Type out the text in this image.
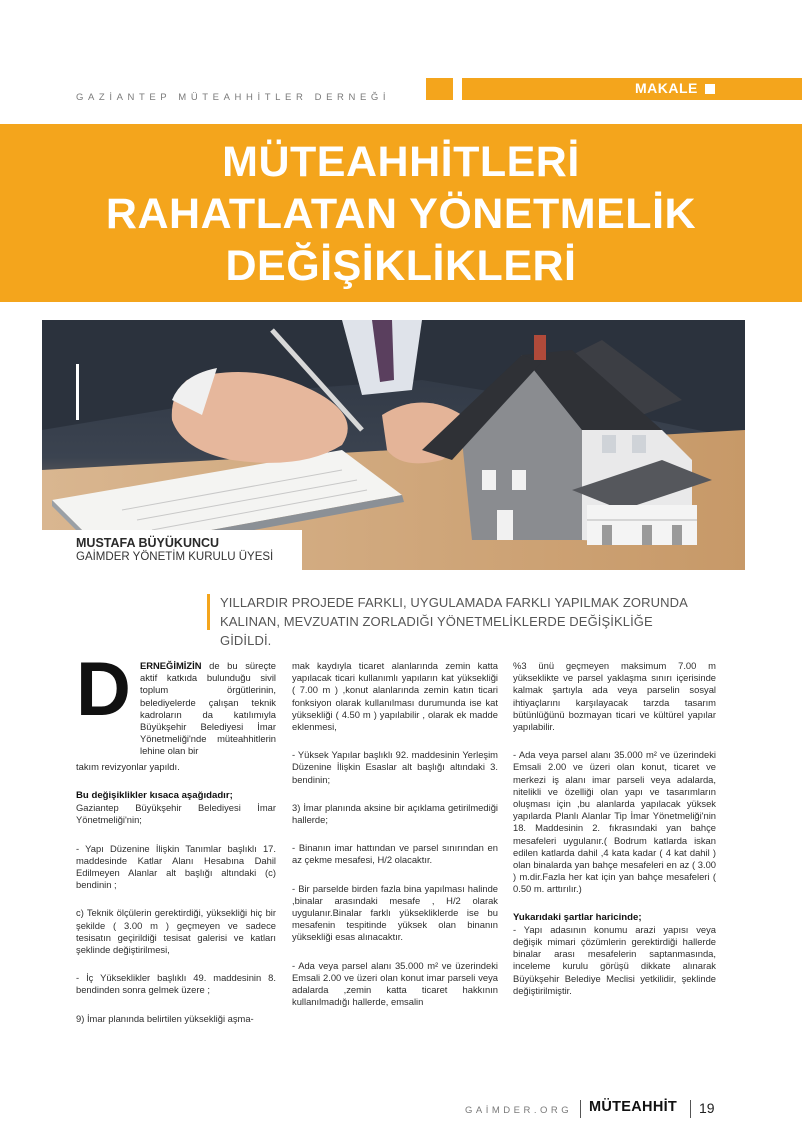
GAZİANTEP MÜTEAHHİTLER DERNEĞİ
MAKALE
MÜTEAHHİTLERİ
RAHATLATAN YÖNETMELİK
DEĞİŞİKLİKLERİ
MUSTAFA BÜYÜKUNCU
GAİMDER YÖNETİM KURULU ÜYESİ

YILLARDIR PROJEDE FARKLI, UYGULAMADA FARKLI YAPILMAK ZORUNDA KALINAN, MEVZUATIN ZORLADIĞI YÖNETMELİKLERDE DEĞİŞİKLİĞE GİDİLDİ.

D ERNEĞİMİZİN de bu süreçte aktif katkıda bulunduğu sivil toplum örgütlerinin, belediyelerde çalışan teknik kadroların da katılımıyla Büyükşehir Belediyesi İmar Yönetmeliği'nde müteahhitlerin lehine olan bir

takım revizyonlar yapıldı.

Bu değişiklikler kısaca aşağıdadır;

Gaziantep Büyükşehir Belediyesi İmar Yönetmeliği'nin;

- Yapı Düzenine İlişkin Tanımlar başlıklı 17. maddesinde Katlar Alanı Hesabına Dahil Edilmeyen Alanlar alt başlığı altındaki (c) bendinin ;

c) Teknik ölçülerin gerektirdiği, yüksekliği hiç bir şekilde ( 3.00 m ) geçmeyen ve sadece tesisatın geçirildiği tesisat galerisi ve katları şeklinde değiştirilmesi,

- İç Yükseklikler başlıklı 49. maddesinin 8. bendinden sonra gelmek üzere ;

9) İmar planında belirtilen yüksekliği aşma-

mak kaydıyla ticaret alanlarında zemin katta yapılacak ticari kullanımlı yapıların kat yüksekliği ( 7.00 m ) ,konut alanlarında zemin katın ticari fonksiyon olarak kullanılması durumunda ise kat yüksekliği ( 4.50 m ) yapılabilir , olarak ek madde eklenmesi,

- Yüksek Yapılar başlıklı 92. maddesinin Yerleşim Düzenine İlişkin Esaslar alt başlığı altındaki 3. bendinin;

3) İmar planında aksine bir açıklama getirilmediği hallerde;

- Binanın imar hattından ve parsel sınırından en az çekme mesafesi, H/2 olacaktır.

- Bir parselde birden fazla bina yapılması halinde ,binalar arasındaki mesafe , H/2 olarak uygulanır.Binalar farklı yüksekliklerde ise bu mesafenin tespitinde yüksek olan binanın yüksekliği esas alınacaktır.

- Ada veya parsel alanı 35.000 m² ve üzerindeki Emsali 2.00 ve üzeri olan konut imar parseli veya adalarda ,zemin katta ticaret hakkının kullanılmadığı hallerde, emsalin

%3 ünü geçmeyen maksimum 7.00 m yükseklikte ve parsel yaklaşma sınırı içerisinde kalmak şartıyla ada veya parselin sosyal ihtiyaçlarını karşılayacak tarzda tasarım bütünlüğünü bozmayan ticari ve kültürel yapılar yapılabilir.

- Ada veya parsel alanı 35.000 m² ve üzerindeki Emsali 2.00 ve üzeri olan konut, ticaret ve merkezi iş alanı imar parseli veya adalarda, nitelikli ve özelliği olan yapı ve tasarımların oluşması için ,bu alanlarda yapılacak yüksek yapılarda Planlı Alanlar Tip İmar Yönetmeliği'nin 18. Maddesinin 2. fıkrasındaki yan bahçe mesafeleri uygulanır.( Bodrum katlarda iskan edilen katlarda dahil ,4 kata kadar ( 4 kat dahil ) olan binalarda yan bahçe mesafeleri en az ( 3.00 ) m.dir.Fazla her kat için yan bahçe mesafeleri ( 0.50 m. arttırılır.)

Yukarıdaki şartlar haricinde;

- Yapı adasının konumu arazi yapısı veya değişik mimari çözümlerin gerektirdiği hallerde binalar arası mesafelerin saptanmasında, inceleme kurulu görüşü dikkate alınarak Büyükşehir Belediye Meclisi yetkilidir, şeklinde değiştirilmiştir.

GAİMDER.ORG MÜTEAHHİT 19
